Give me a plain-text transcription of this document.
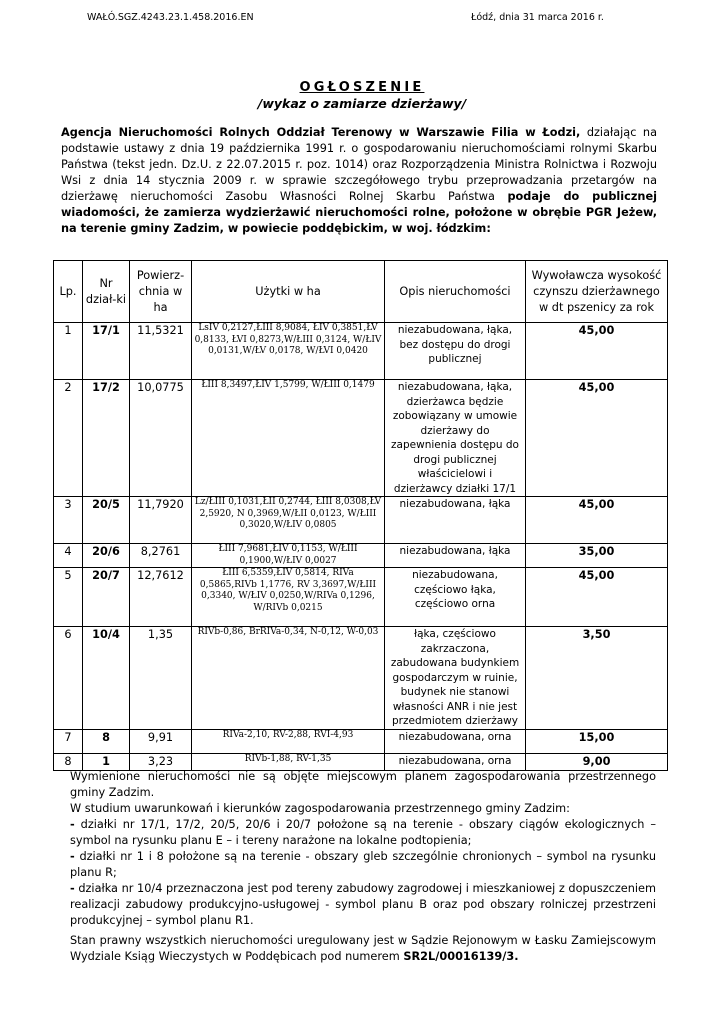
WAŁÓ.SGZ.4243.23.1.458.2016.EN	Łódź, dnia 31 marca 2016 r.
OGŁOSZENIE
/wykaz o zamiarze dzierżawy/
Agencja Nieruchomości Rolnych Oddział Terenowy w Warszawie Filia w Łodzi, działając na podstawie ustawy z dnia 19 października 1991 r. o gospodarowaniu nieruchomościami rolnymi Skarbu Państwa (tekst jedn. Dz.U. z 22.07.2015 r. poz. 1014) oraz Rozporządzenia Ministra Rolnictwa i Rozwoju Wsi z dnia 14 stycznia 2009 r. w sprawie szczegółowego trybu przeprowadzania przetargów na dzierżawę nieruchomości Zasobu Własności Rolnej Skarbu Państwa podaje do publicznej wiadomości, że zamierza wydzierżawić nieruchomości rolne, położone w obrębie PGR Jeżew, na terenie gminy Zadzim, w powiecie poddębickim, w woj. łódzkim:
Lp.	Nr dział-ki	Powierz-chnia w ha	Użytki w ha	Opis nieruchomości	Wywoławcza wysokość czynszu dzierżawnego w dt pszenicy za rok
1	17/1	11,5321	LsIV 0,2127,ŁIII 8,9084, ŁIV 0,3851,ŁV 0,8133, ŁVI 0,8273,W/ŁIII 0,3124, W/ŁIV 0,0131,W/ŁV 0,0178, W/ŁVI 0,0420	niezabudowana, łąka, bez dostępu do drogi publicznej	45,00
2	17/2	10,0775	ŁIII 8,3497,ŁIV 1,5799, W/ŁIII 0,1479	niezabudowana, łąka, dzierżawca będzie zobowiązany w umowie dzierżawy do zapewnienia dostępu do drogi publicznej właścicielowi i dzierżawcy działki 17/1	45,00
3	20/5	11,7920	Lz/ŁIII 0,1031,ŁII 0,2744, ŁIII 8,0308,ŁV 2,5920, N 0,3969,W/ŁII 0,0123, W/ŁIII 0,3020,W/ŁIV 0,0805	niezabudowana, łąka	45,00
4	20/6	8,2761	ŁIII 7,9681,ŁIV 0,1153, W/ŁIII 0,1900,W/ŁIV 0,0027	niezabudowana, łąka	35,00
5	20/7	12,7612	ŁIII 6,5359,ŁIV 0,5814, RIVa 0,5865,RIVb 1,1776, RV 3,3697,W/ŁIII 0,3340, W/ŁIV 0,0250,W/RIVa 0,1296, W/RIVb 0,0215	niezabudowana, częściowo łąka, częściowo orna	45,00
6	10/4	1,35	RIVb-0,86, BrRIVa-0,34, N-0,12, W-0,03	łąka, częściowo zakrzaczona, zabudowana budynkiem gospodarczym w ruinie, budynek nie stanowi własności ANR i nie jest przedmiotem dzierżawy	3,50
7	8	9,91	RIVa-2,10, RV-2,88, RVI-4,93	niezabudowana, orna	15,00
8	1	3,23	RIVb-1,88, RV-1,35	niezabudowana, orna	9,00

Wymienione nieruchomości nie są objęte miejscowym planem zagospodarowania przestrzennego gminy Zadzim.

W studium uwarunkowań i kierunków zagospodarowania przestrzennego gminy Zadzim:

- działki nr 17/1, 17/2, 20/5, 20/6 i 20/7 położone są na terenie - obszary ciągów ekologicznych – symbol na rysunku planu E – i tereny narażone na lokalne podtopienia;

- działki nr 1 i 8 położone są na terenie - obszary gleb szczególnie chronionych – symbol na rysunku planu R;

- działka nr 10/4 przeznaczona jest pod tereny zabudowy zagrodowej i mieszkaniowej z dopuszczeniem realizacji zabudowy produkcyjno-usługowej - symbol planu B oraz pod obszary rolniczej przestrzeni produkcyjnej – symbol planu R1.

Stan prawny wszystkich nieruchomości uregulowany jest w Sądzie Rejonowym w Łasku Zamiejscowym Wydziale Ksiąg Wieczystych w Poddębicach pod numerem SR2L/00016139/3.
